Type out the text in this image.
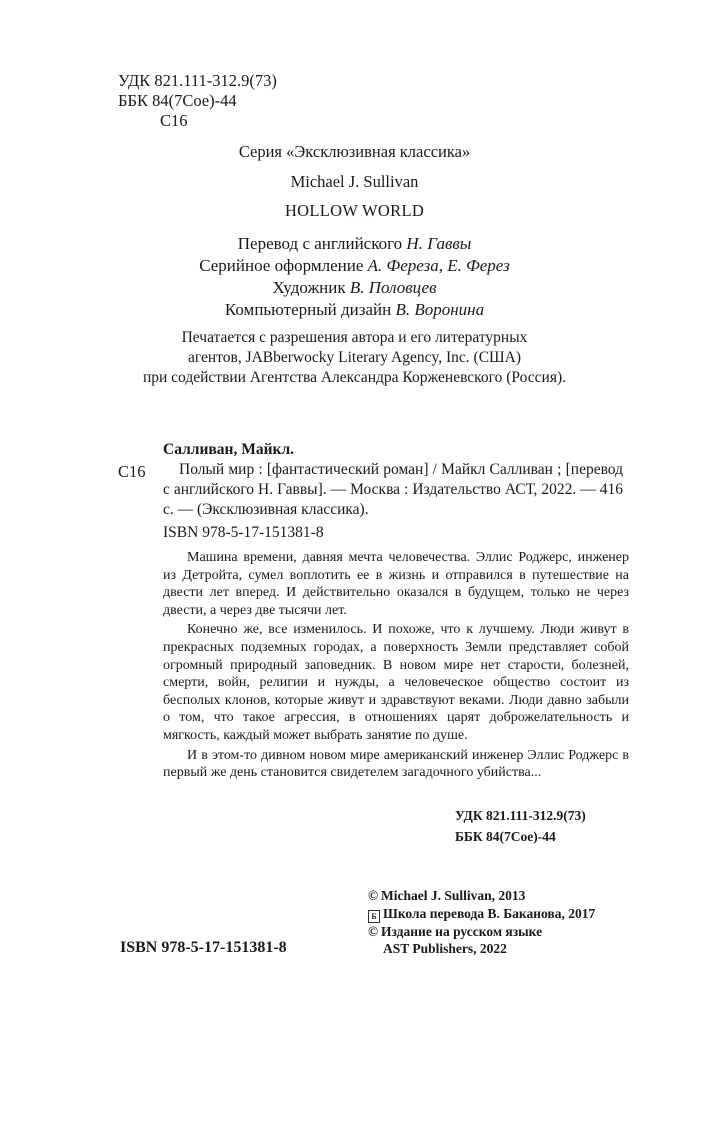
УДК 821.111-312.9(73)
ББК 84(7Сое)-44
С16
Серия «Эксклюзивная классика»
Michael J. Sullivan
HOLLOW WORLD
Перевод с английского Н. Гаввы
Серийное оформление А. Фереза, Е. Ферез
Художник В. Половцев
Компьютерный дизайн В. Воронина
Печатается с разрешения автора и его литературных
агентов, JABberwocky Literary Agency, Inc. (США)
при содействии Агентства Александра Корженевского (Россия).
С16
Салливан, Майкл.
Полый мир : [фантастический роман] / Майкл Салливан ; [перевод с английского Н. Гаввы]. — Москва : Издательство АСТ, 2022. — 416 с. — (Эксклюзивная классика).
ISBN 978-5-17-151381-8

Машина времени, давняя мечта человечества. Эллис Роджерс, инженер из Детройта, сумел воплотить ее в жизнь и отправился в путешествие на двести лет вперед. И действительно оказался в будущем, только не через двести, а через две тысячи лет.

Конечно же, все изменилось. И похоже, что к лучшему. Люди живут в прекрасных подземных городах, а поверхность Земли представляет собой огромный природный заповедник. В новом мире нет старости, болезней, смерти, войн, религии и нужды, а человеческое общество состоит из бесполых клонов, которые живут и здравствуют веками. Люди давно забыли о том, что такое агрессия, в отношениях царят доброжелательность и мягкость, каждый может выбрать занятие по душе.

И в этом-то дивном новом мире американский инженер Эллис Роджерс в первый же день становится свидетелем загадочного убийства...

УДК 821.111-312.9(73)
ББК 84(7Сое)-44
© Michael J. Sullivan, 2013
Б Школа перевода В. Баканова, 2017
© Издание на русском языке
AST Publishers, 2022
ISBN 978-5-17-151381-8
